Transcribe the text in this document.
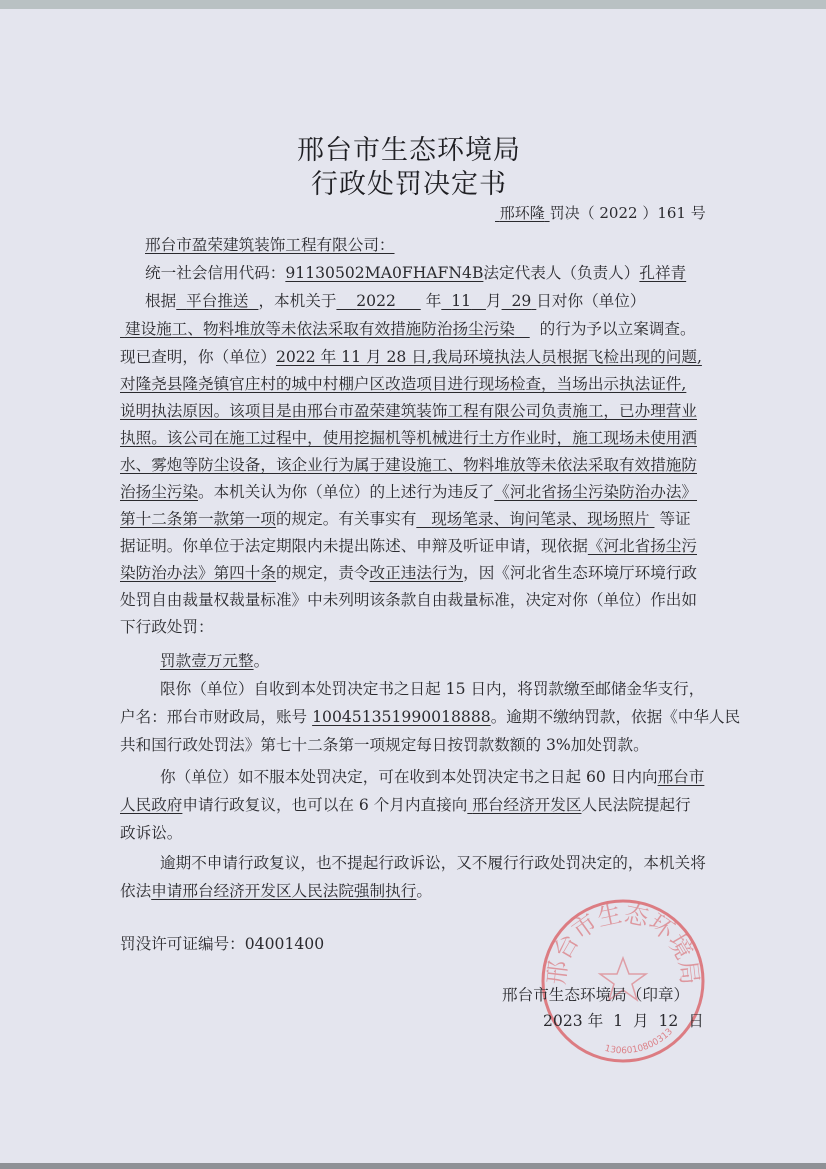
邢台市生态环境局
行政处罚决定书
邢环隆 罚决（ 2022 ）161 号
邢台市盈荣建筑装饰工程有限公司：
统一社会信用代码：91130502MA0FHAFN4B法定代表人（负责人）孔祥青
根据 平台推送 ，本机关于 2022 年 11 月 29 日对你（单位）
建设施工、物料堆放等未依法采取有效措施防治扬尘污染 的行为予以立案调查。
现已查明，你（单位）2022 年 11 月 28 日,我局环境执法人员根据飞检出现的问题,
对隆尧县隆尧镇官庄村的城中村棚户区改造项目进行现场检查，当场出示执法证件,
说明执法原因。该项目是由邢台市盈荣建筑装饰工程有限公司负责施工，已办理营业
执照。该公司在施工过程中，使用挖掘机等机械进行土方作业时，施工现场未使用洒
水、雾炮等防尘设备，该企业行为属于建设施工、物料堆放等未依法采取有效措施防
治扬尘污染。本机关认为你（单位）的上述行为违反了《河北省扬尘污染防治办法》
第十二条第一款第一项的规定。有关事实有 现场笔录、询问笔录、现场照片 等证
据证明。你单位于法定期限内未提出陈述、申辩及听证申请，现依据《河北省扬尘污
染防治办法》第四十条的规定，责令改正违法行为，因《河北省生态环境厅环境行政
处罚自由裁量权裁量标准》中未列明该条款自由裁量标准，决定对你（单位）作出如
下行政处罚：
罚款壹万元整。
限你（单位）自收到本处罚决定书之日起 15 日内，将罚款缴至邮储金华支行，
户名：邢台市财政局，账号 100451351990018888。逾期不缴纳罚款，依据《中华人民
共和国行政处罚法》第七十二条第一项规定每日按罚款数额的 3%加处罚款。
你（单位）如不服本处罚决定，可在收到本处罚决定书之日起 60 日内向邢台市
人民政府申请行政复议，也可以在 6 个月内直接向 邢台经济开发区人民法院提起行
政诉讼。
逾期不申请行政复议，也不提起行政诉讼，又不履行行政处罚决定的，本机关将
依法申请邢台经济开发区人民法院强制执行。
罚没许可证编号：04001400
邢台市生态环境局
1306010800313
邢台市生态环境局（印章）
2023 年  1  月  12  日
